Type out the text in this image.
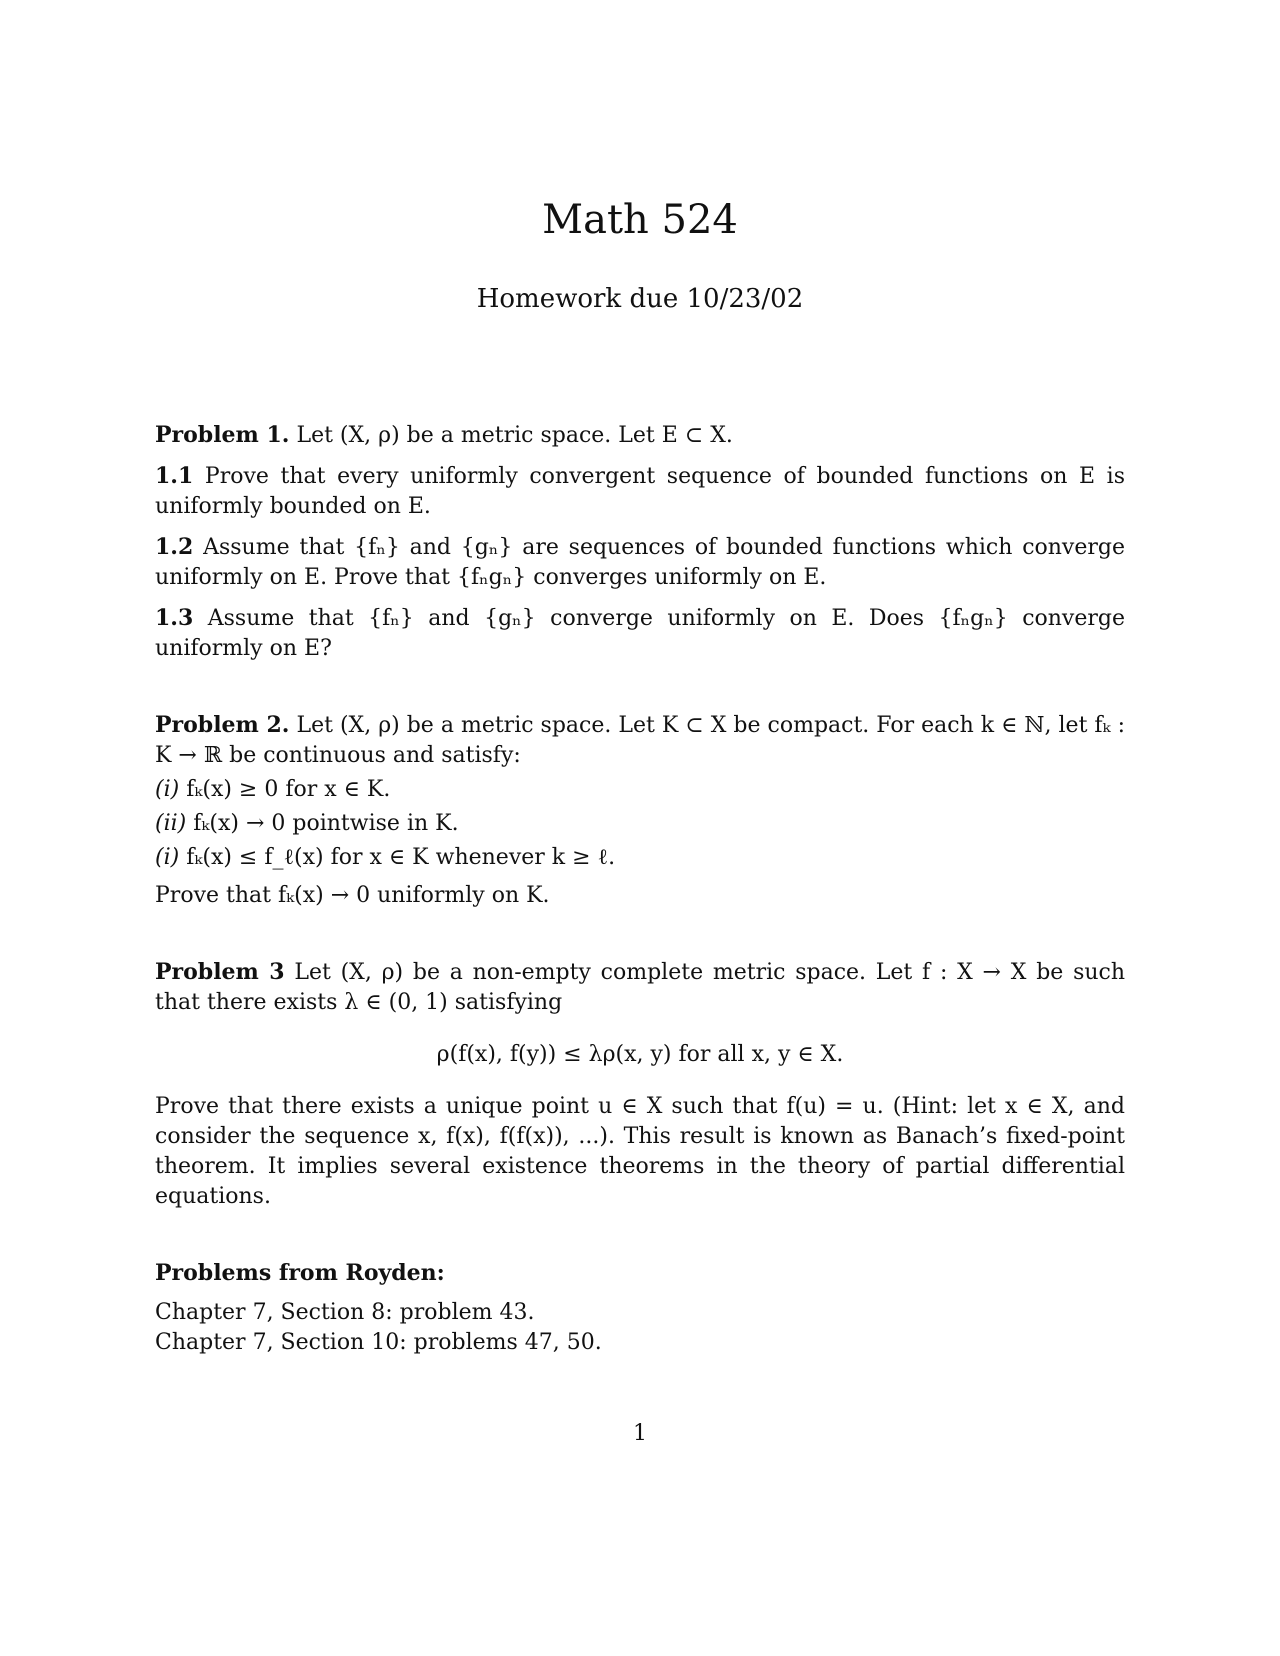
Math 524
Homework due 10/23/02

Problem 1. Let (X, ρ) be a metric space. Let E ⊂ X.

1.1 Prove that every uniformly convergent sequence of bounded functions on E is uniformly bounded on E.

1.2 Assume that {fₙ} and {gₙ} are sequences of bounded functions which converge uniformly on E. Prove that {fₙgₙ} converges uniformly on E.

1.3 Assume that {fₙ} and {gₙ} converge uniformly on E. Does {fₙgₙ} converge uniformly on E?

Problem 2. Let (X, ρ) be a metric space. Let K ⊂ X be compact. For each k ∈ ℕ, let fₖ : K → ℝ be continuous and satisfy:

(i) fₖ(x) ≥ 0 for x ∈ K.

(ii) fₖ(x) → 0 pointwise in K.

(i) fₖ(x) ≤ f_ℓ(x) for x ∈ K whenever k ≥ ℓ.

Prove that fₖ(x) → 0 uniformly on K.

Problem 3 Let (X, ρ) be a non-empty complete metric space. Let f : X → X be such that there exists λ ∈ (0, 1) satisfying

ρ(f(x), f(y)) ≤ λρ(x, y) for all x, y ∈ X.

Prove that there exists a unique point u ∈ X such that f(u) = u. (Hint: let x ∈ X, and consider the sequence x, f(x), f(f(x)), ...). This result is known as Banach’s fixed-point theorem. It implies several existence theorems in the theory of partial differential equations.

Problems from Royden:

Chapter 7, Section 8: problem 43.
Chapter 7, Section 10: problems 47, 50.

1
